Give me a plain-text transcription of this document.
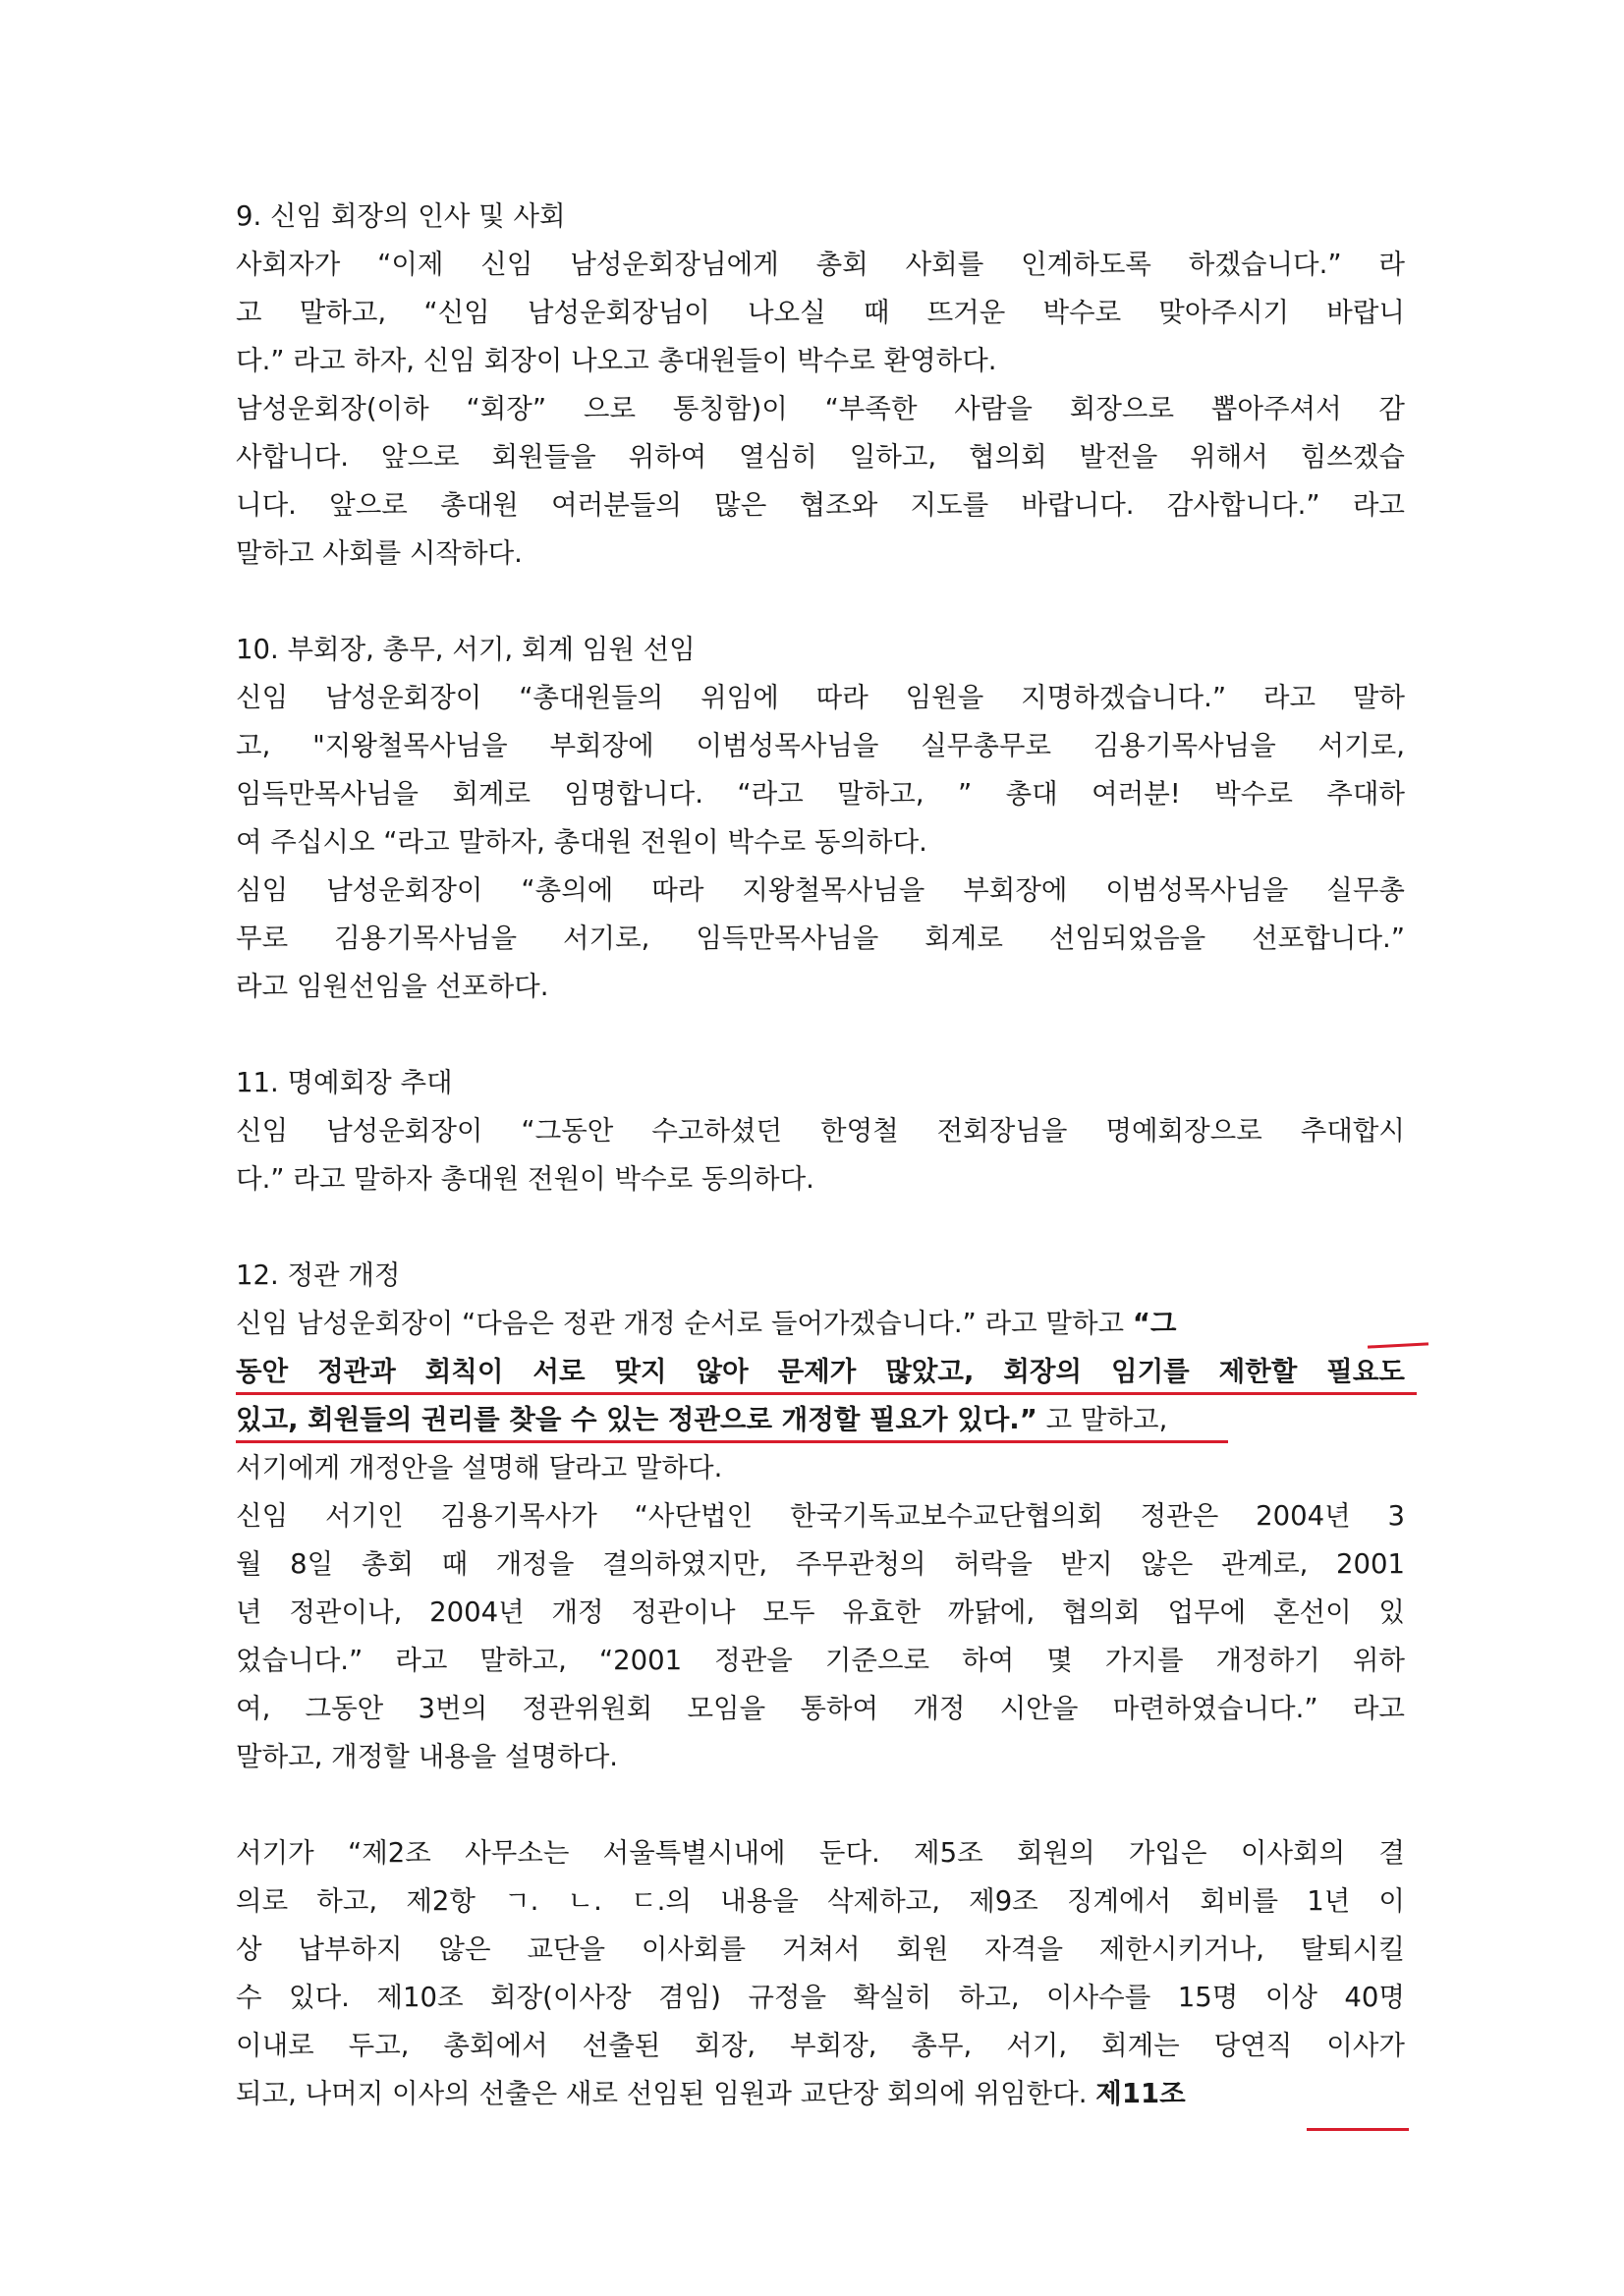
9. 신임 회장의 인사 및 사회
사회자가 “이제 신임 남성운회장님에게 총회 사회를 인계하도록 하겠습니다.” 라
고 말하고, “신임 남성운회장님이 나오실 때 뜨거운 박수로 맞아주시기 바랍니
다.” 라고 하자, 신임 회장이 나오고 총대원들이 박수로 환영하다.
남성운회장(이하 “회장” 으로 통칭함)이 “부족한 사람을 회장으로 뽑아주셔서 감
사합니다. 앞으로 회원들을 위하여 열심히 일하고, 협의회 발전을 위해서 힘쓰겠습
니다. 앞으로 총대원 여러분들의 많은 협조와 지도를 바랍니다. 감사합니다.” 라고
말하고 사회를 시작하다.
10. 부회장, 총무, 서기, 회계 임원 선임
신임 남성운회장이 “총대원들의 위임에 따라 임원을 지명하겠습니다.” 라고 말하
고, "지왕철목사님을 부회장에 이범성목사님을 실무총무로 김용기목사님을 서기로,
임득만목사님을 회계로 임명합니다. “라고 말하고, ” 총대 여러분! 박수로 추대하
여 주십시오 “라고 말하자, 총대원 전원이 박수로 동의하다.
심임 남성운회장이 “총의에 따라 지왕철목사님을 부회장에 이범성목사님을 실무총
무로 김용기목사님을 서기로, 임득만목사님을 회계로 선임되었음을 선포합니다.”
라고 임원선임을 선포하다.
11. 명예회장 추대
신임 남성운회장이 “그동안 수고하셨던 한영철 전회장님을 명예회장으로 추대합시
다.” 라고 말하자 총대원 전원이 박수로 동의하다.
12. 정관 개정
신임 남성운회장이 “다음은 정관 개정 순서로 들어가겠습니다.” 라고 말하고 “그
동안 정관과 회칙이 서로 맞지 않아 문제가 많았고, 회장의 임기를 제한할 필요도
있고, 회원들의 권리를 찾을 수 있는 정관으로 개정할 필요가 있다.” 고 말하고,
서기에게 개정안을 설명해 달라고 말하다.
신임 서기인 김용기목사가 “사단법인 한국기독교보수교단협의회 정관은 2004년 3
월 8일 총회 때 개정을 결의하였지만, 주무관청의 허락을 받지 않은 관계로, 2001
년 정관이나, 2004년 개정 정관이나 모두 유효한 까닭에, 협의회 업무에 혼선이 있
었습니다.” 라고 말하고, “2001 정관을 기준으로 하여 몇 가지를 개정하기 위하
여, 그동안 3번의 정관위원회 모임을 통하여 개정 시안을 마련하였습니다.” 라고
말하고, 개정할 내용을 설명하다.
서기가 “제2조 사무소는 서울특별시내에 둔다. 제5조 회원의 가입은 이사회의 결
의로 하고, 제2항 ㄱ. ㄴ. ㄷ.의 내용을 삭제하고, 제9조 징계에서 회비를 1년 이
상 납부하지 않은 교단을 이사회를 거쳐서 회원 자격을 제한시키거나, 탈퇴시킬
수 있다. 제10조 회장(이사장 겸임) 규정을 확실히 하고, 이사수를 15명 이상 40명
이내로 두고, 총회에서 선출된 회장, 부회장, 총무, 서기, 회계는 당연직 이사가
되고, 나머지 이사의 선출은 새로 선임된 임원과 교단장 회의에 위임한다. 제11조
